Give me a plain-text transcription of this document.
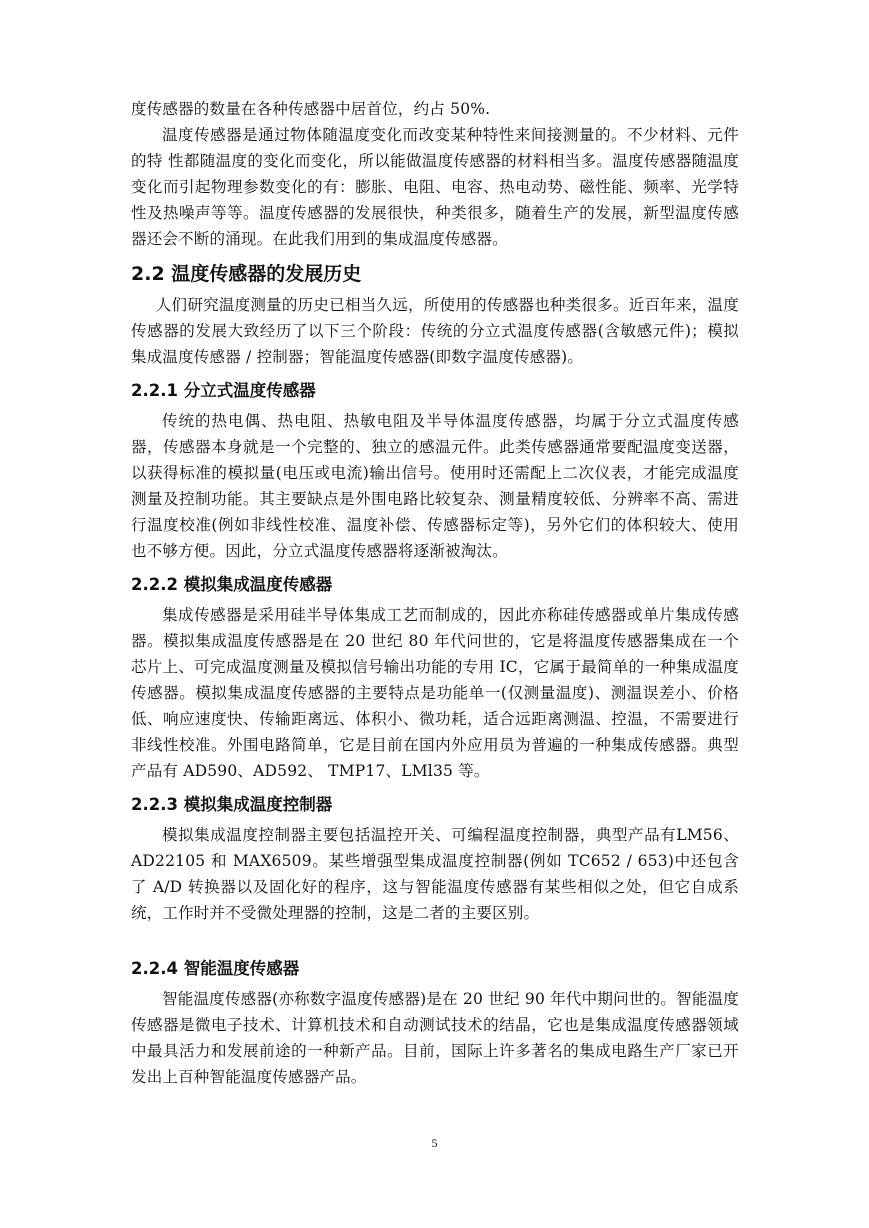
度传感器的数量在各种传感器中居首位，约占 50%.

温度传感器是通过物体随温度变化而改变某种特性来间接测量的。不少材料、元件的特 性都随温度的变化而变化，所以能做温度传感器的材料相当多。温度传感器随温度变化而引起物理参数变化的有：膨胀、电阻、电容、热电动势、磁性能、频率、光学特性及热噪声等等。温度传感器的发展很快，种类很多，随着生产的发展，新型温度传感器还会不断的涌现。在此我们用到的集成温度传感器。

2.2 温度传感器的发展历史

人们研究温度测量的历史已相当久远，所使用的传感器也种类很多。近百年来，温度传感器的发展大致经历了以下三个阶段：传统的分立式温度传感器(含敏感元件)；模拟集成温度传感器 / 控制器；智能温度传感器(即数字温度传感器)。

2.2.1 分立式温度传感器

传统的热电偶、热电阻、热敏电阻及半导体温度传感器，均属于分立式温度传感器，传感器本身就是一个完整的、独立的感温元件。此类传感器通常要配温度变送器，以获得标准的模拟量(电压或电流)输出信号。使用时还需配上二次仪表，才能完成温度测量及控制功能。其主要缺点是外围电路比较复杂、测量精度较低、分辨率不高、需进行温度校准(例如非线性校准、温度补偿、传感器标定等)，另外它们的体积较大、使用也不够方便。因此，分立式温度传感器将逐渐被淘汰。

2.2.2 模拟集成温度传感器

集成传感器是采用硅半导体集成工艺而制成的，因此亦称硅传感器或单片集成传感器。模拟集成温度传感器是在 20 世纪 80 年代问世的，它是将温度传感器集成在一个芯片上、可完成温度测量及模拟信号输出功能的专用 IC，它属于最简单的一种集成温度传感器。模拟集成温度传感器的主要特点是功能单一(仅测量温度)、测温误差小、价格低、响应速度快、传输距离远、体积小、微功耗，适合远距离测温、控温，不需要进行非线性校准。外围电路简单，它是目前在国内外应用员为普遍的一种集成传感器。典型产品有 AD590、AD592、 TMP17、LMl35 等。

2.2.3 模拟集成温度控制器

模拟集成温度控制器主要包括温控开关、可编程温度控制器，典型产品有LM56、 AD22105 和 MAX6509。某些增强型集成温度控制器(例如 TC652 / 653)中还包含了 A/D 转换器以及固化好的程序，这与智能温度传感器有某些相似之处，但它自成系统，工作时并不受微处理器的控制，这是二者的主要区别。

2.2.4 智能温度传感器

智能温度传感器(亦称数字温度传感器)是在 20 世纪 90 年代中期问世的。智能温度传感器是微电子技术、计算机技术和自动测试技术的结晶，它也是集成温度传感器领域中最具活力和发展前途的一种新产品。目前，国际上许多著名的集成电路生产厂家已开发出上百种智能温度传感器产品。

5
